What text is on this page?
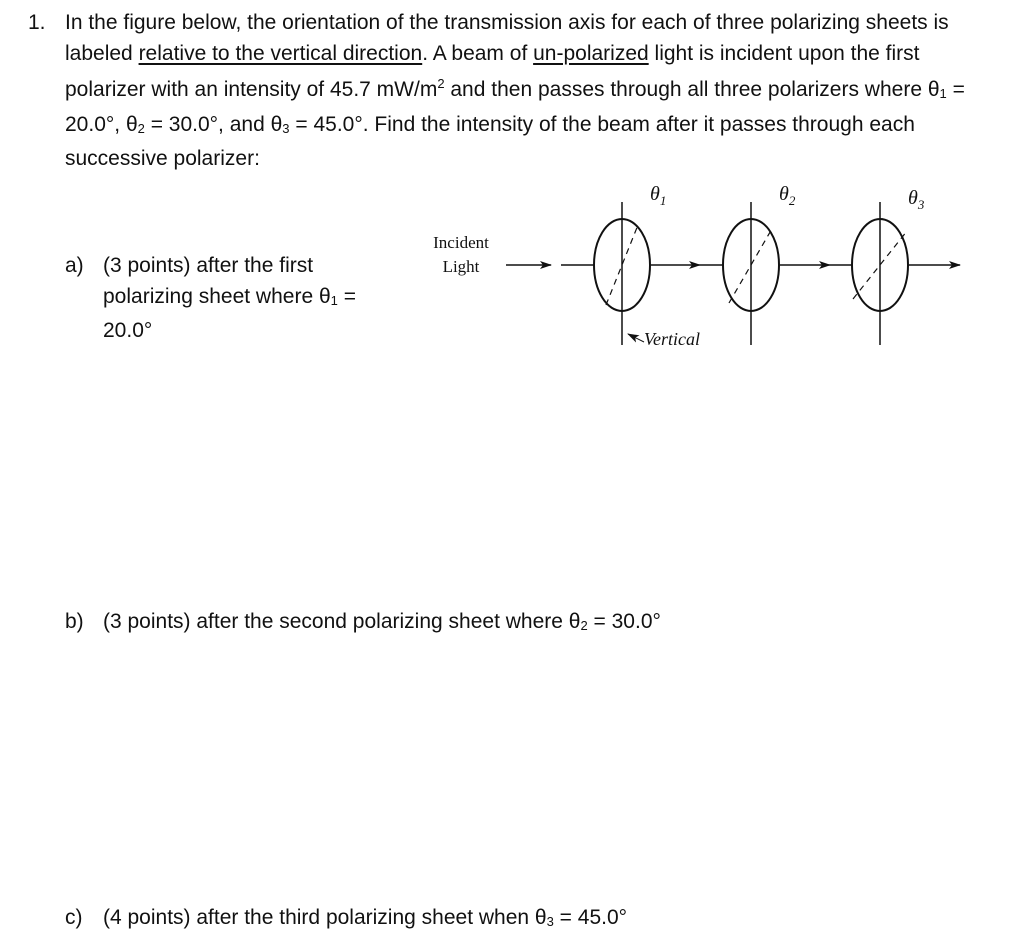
1. In the figure below, the orientation of the transmission axis for each of three polarizing sheets is labeled relative to the vertical direction. A beam of un-polarized light is incident upon the first polarizer with an intensity of 45.7 $mW/m^2$ and then passes through all three polarizers where θ1 = 20.0°, θ2 = 30.0°, and θ3 = 45.0°. Find the intensity of the beam after it passes through each successive polarizer:
a) (3 points) after the first polarizing sheet where θ1 = 20.0°
b) (3 points) after the second polarizing sheet where θ2 = 30.0°
c) (4 points) after the third polarizing sheet when θ3 = 45.0°
Incident
Light
$\theta_1$	$\theta_2$	$\theta_3$
Vertical
